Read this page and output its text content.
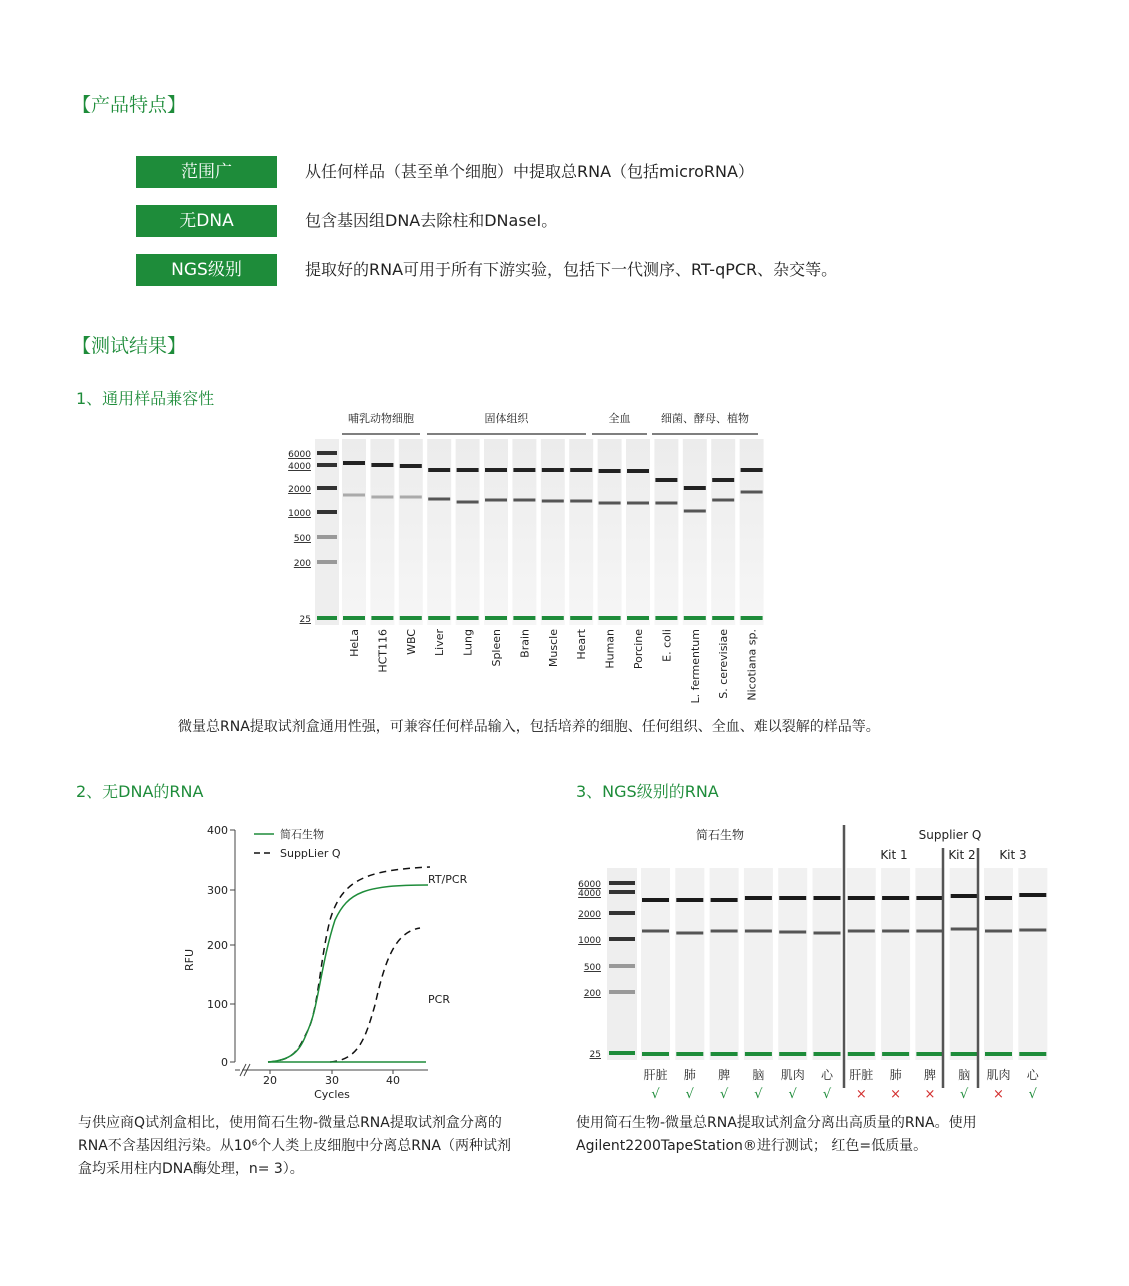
【产品特点】
范围广	从任何样品（甚至单个细胞）中提取总RNA（包括microRNA）
无DNA	包含基因组DNA去除柱和DNaseI。
NGS级别	提取好的RNA可用于所有下游实验，包括下一代测序、RT-qPCR、杂交等。
【测试结果】
1、通用样品兼容性
哺乳动物细胞	固体组织	全血	细菌、酵母、植物
6000
4000
2000
1000
500
200
25
HeLa HCT116 WBC Liver Lung Spleen Brain Muscle Heart Human Porcine E. coli L. fermentum S. cerevisiae Nicotiana sp.
微量总RNA提取试剂盒通用性强，可兼容任何样品输入，包括培养的细胞、任何组织、全血、难以裂解的样品等。
2、无DNA的RNA
400
300
200
100
0
20	30	40
RFU
Cycles
简石生物
SuppLier Q
RT/PCR
PCR
与供应商Q试剂盒相比，使用简石生物-微量总RNA提取试剂盒分离的
RNA不含基因组污染。从10⁶个人类上皮细胞中分离总RNA（两种试剂
盒均采用柱内DNA酶处理，n= 3）。
3、NGS级别的RNA
简石生物	Supplier Q
Kit 1	Kit 2 Kit 3
6000
4000
2000
1000
500
200
25
肝脏
√
肺
√
脾
√
脑
√
肌肉
√
心
√
肝脏
×
肺
×
脾
×
脑
√
肌肉
×
心
√
使用简石生物-微量总RNA提取试剂盒分离出高质量的RNA。使用
Agilent2200TapeStation®进行测试； 红色=低质量。
